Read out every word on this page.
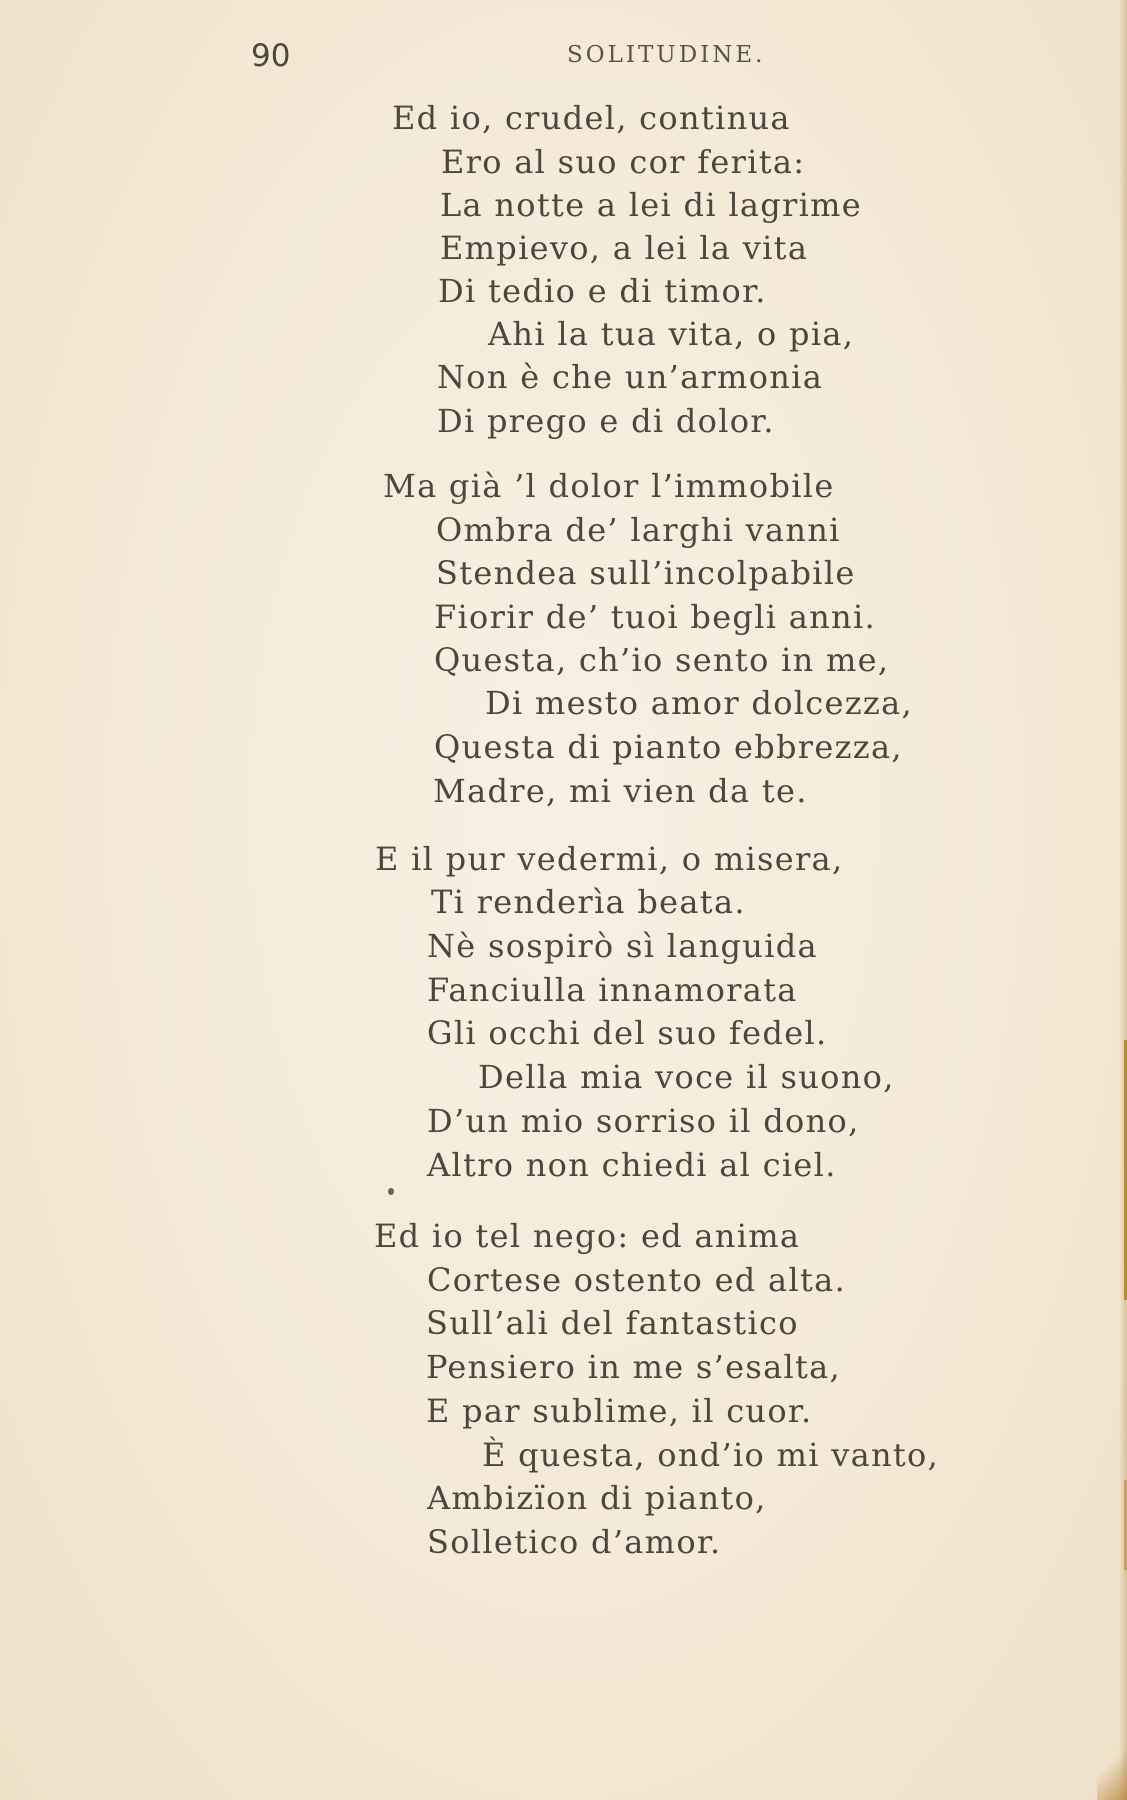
90	SOLITUDINE.
Ed io, crudel, continua
Ero al suo cor ferita:
La notte a lei di lagrime
Empievo, a lei la vita
Di tedio e di timor.
Ahi la tua vita, o pia,
Non è che un’armonia
Di prego e di dolor.
Ma già ’l dolor l’immobile
Ombra de’ larghi vanni
Stendea sull’incolpabile
Fiorir de’ tuoi begli anni.
Questa, ch’io sento in me,
Di mesto amor dolcezza,
Questa di pianto ebbrezza,
Madre, mi vien da te.
E il pur vedermi, o misera,
Ti renderìa beata.
Nè sospirò sì languida
Fanciulla innamorata
Gli occhi del suo fedel.
Della mia voce il suono,
D’un mio sorriso il dono,
Altro non chiedi al ciel.
Ed io tel nego: ed anima
Cortese ostento ed alta.
Sull’ali del fantastico
Pensiero in me s’esalta,
E par sublime, il cuor.
È questa, ond’io mi vanto,
Ambizïon di pianto,
Solletico d’amor.
